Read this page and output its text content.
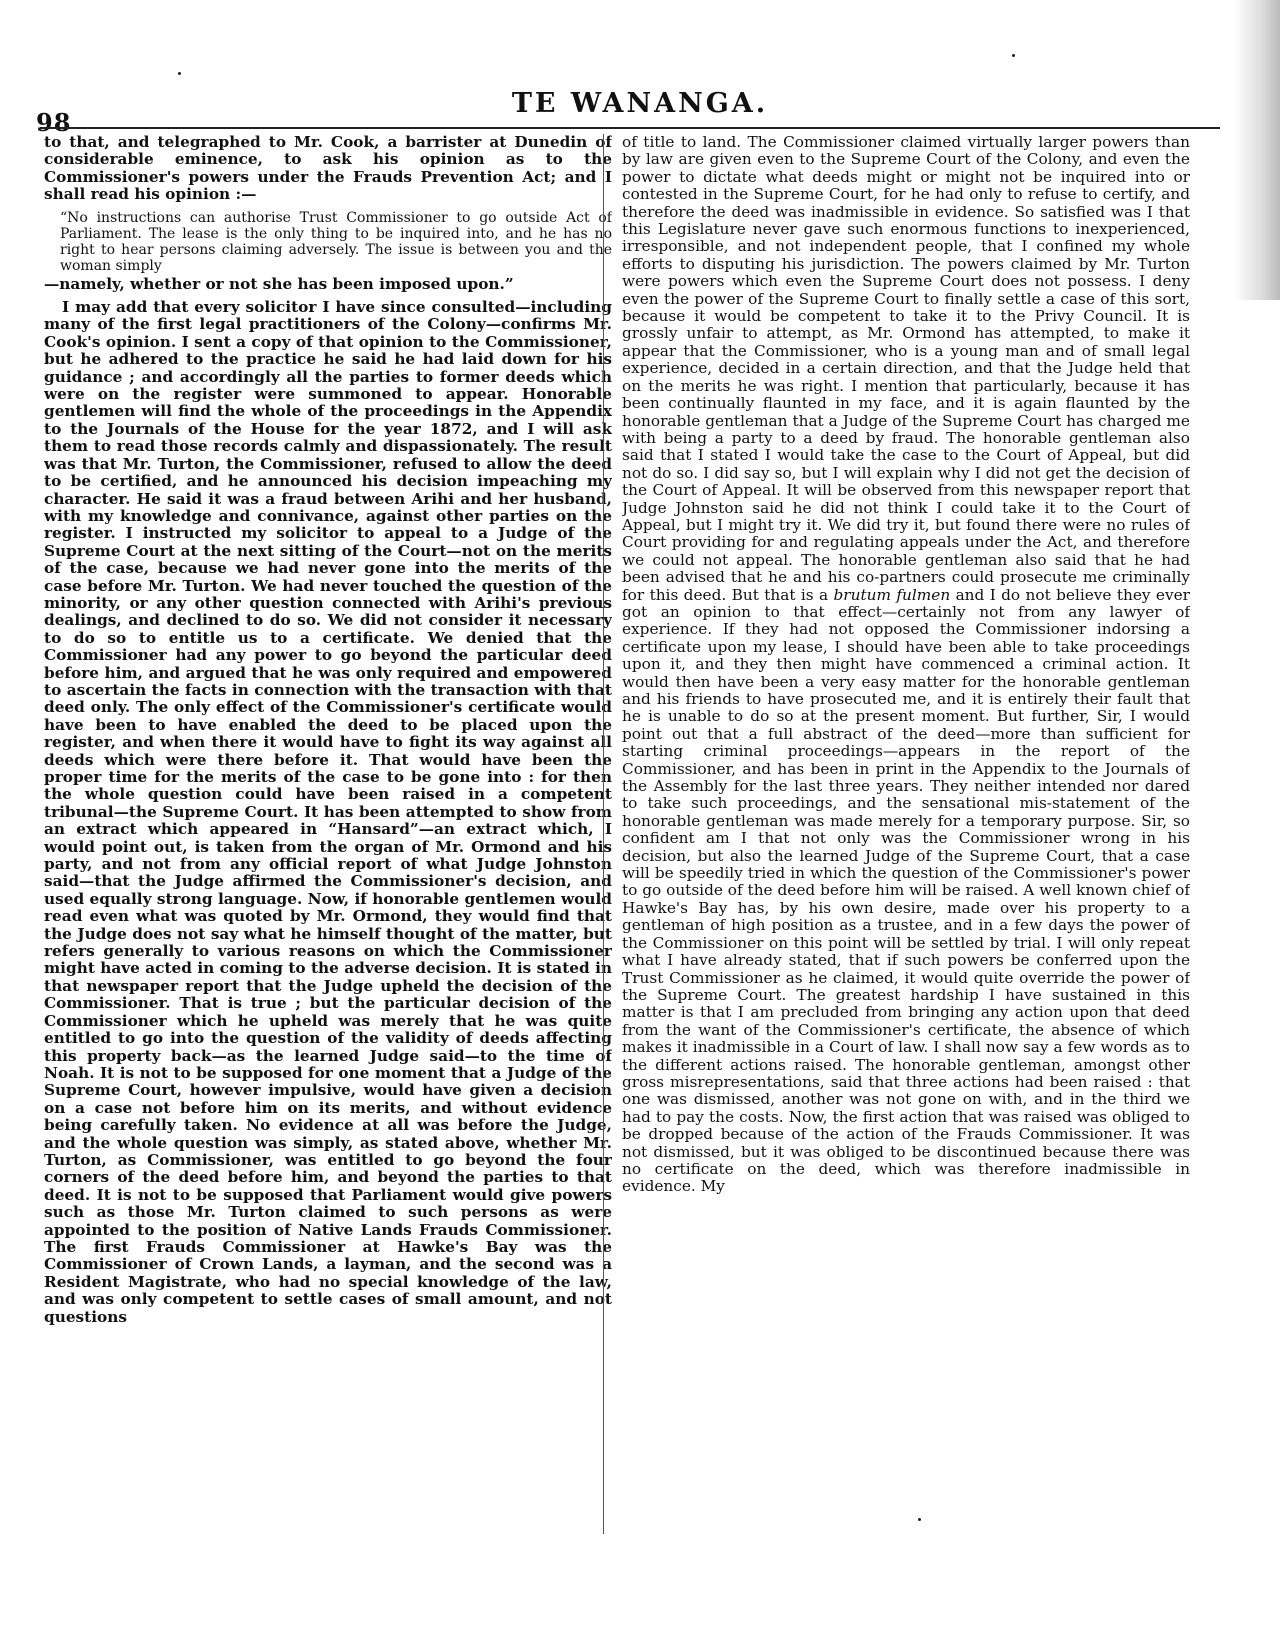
98
TE WANANGA.

to that, and telegraphed to Mr. Cook, a barrister at Dunedin of considerable eminence, to ask his opinion as to the Commissioner's powers under the Frauds Prevention Act; and I shall read his opinion :—

“No instructions can authorise Trust Commissioner to go outside Act of Parliament. The lease is the only thing to be inquired into, and he has no right to hear persons claiming adversely. The issue is between you and the woman simply

—namely, whether or not she has been imposed upon.”

I may add that every solicitor I have since consulted—including many of the first legal practitioners of the Colony—confirms Mr. Cook's opinion. I sent a copy of that opinion to the Commissioner, but he adhered to the practice he said he had laid down for his guidance ; and accordingly all the parties to former deeds which were on the register were summoned to appear. Honorable gentlemen will find the whole of the proceedings in the Appendix to the Journals of the House for the year 1872, and I will ask them to read those records calmly and dispassionately. The result was that Mr. Turton, the Commissioner, refused to allow the deed to be certified, and he announced his decision impeaching my character. He said it was a fraud between Arihi and her husband, with my knowledge and connivance, against other parties on the register. I instructed my solicitor to appeal to a Judge of the Supreme Court at the next sitting of the Court—not on the merits of the case, because we had never gone into the merits of the case before Mr. Turton. We had never touched the question of the minority, or any other question connected with Arihi's previous dealings, and declined to do so. We did not consider it necessary to do so to entitle us to a certificate. We denied that the Commissioner had any power to go beyond the particular deed before him, and argued that he was only required and empowered to ascertain the facts in connection with the transaction with that deed only. The only effect of the Commissioner's certificate would have been to have enabled the deed to be placed upon the register, and when there it would have to fight its way against all deeds which were there before it. That would have been the proper time for the merits of the case to be gone into : for then the whole question could have been raised in a competent tribunal—the Supreme Court. It has been attempted to show from an extract which appeared in “Hansard”—an extract which, I would point out, is taken from the organ of Mr. Ormond and his party, and not from any official report of what Judge Johnston said—that the Judge affirmed the Commissioner's decision, and used equally strong language. Now, if honorable gentlemen would read even what was quoted by Mr. Ormond, they would find that the Judge does not say what he himself thought of the matter, but refers generally to various reasons on which the Commissioner might have acted in coming to the adverse decision. It is stated in that newspaper report that the Judge upheld the decision of the Commissioner. That is true ; but the particular decision of the Commissioner which he upheld was merely that he was quite entitled to go into the question of the validity of deeds affecting this property back—as the learned Judge said—to the time of Noah. It is not to be supposed for one moment that a Judge of the Supreme Court, however impulsive, would have given a decision on a case not before him on its merits, and without evidence being carefully taken. No evidence at all was before the Judge, and the whole question was simply, as stated above, whether Mr. Turton, as Commissioner, was entitled to go beyond the four corners of the deed before him, and beyond the parties to that deed. It is not to be supposed that Parliament would give powers such as those Mr. Turton claimed to such persons as were appointed to the position of Native Lands Frauds Commissioner. The first Frauds Commissioner at Hawke's Bay was the Commissioner of Crown Lands, a layman, and the second was a Resident Magistrate, who had no special knowledge of the law, and was only competent to settle cases of small amount, and not questions

of title to land. The Commissioner claimed virtually larger powers than by law are given even to the Supreme Court of the Colony, and even the power to dictate what deeds might or might not be inquired into or contested in the Supreme Court, for he had only to refuse to certify, and therefore the deed was inadmissible in evidence. So satisfied was I that this Legislature never gave such enormous functions to inexperienced, irresponsible, and not independent people, that I confined my whole efforts to disputing his jurisdiction. The powers claimed by Mr. Turton were powers which even the Supreme Court does not possess. I deny even the power of the Supreme Court to finally settle a case of this sort, because it would be competent to take it to the Privy Council. It is grossly unfair to attempt, as Mr. Ormond has attempted, to make it appear that the Commissioner, who is a young man and of small legal experience, decided in a certain direction, and that the Judge held that on the merits he was right. I mention that particularly, because it has been continually flaunted in my face, and it is again flaunted by the honorable gentleman that a Judge of the Supreme Court has charged me with being a party to a deed by fraud. The honorable gentleman also said that I stated I would take the case to the Court of Appeal, but did not do so. I did say so, but I will explain why I did not get the decision of the Court of Appeal. It will be observed from this newspaper report that Judge Johnston said he did not think I could take it to the Court of Appeal, but I might try it. We did try it, but found there were no rules of Court providing for and regulating appeals under the Act, and therefore we could not appeal. The honorable gentleman also said that he had been advised that he and his co-partners could prosecute me criminally for this deed. But that is a brutum fulmen and I do not believe they ever got an opinion to that effect—certainly not from any lawyer of experience. If they had not opposed the Commissioner indorsing a certificate upon my lease, I should have been able to take proceedings upon it, and they then might have commenced a criminal action. It would then have been a very easy matter for the honorable gentleman and his friends to have prosecuted me, and it is entirely their fault that he is unable to do so at the present moment. But further, Sir, I would point out that a full abstract of the deed—more than sufficient for starting criminal proceedings—appears in the report of the Commissioner, and has been in print in the Appendix to the Journals of the Assembly for the last three years. They neither intended nor dared to take such proceedings, and the sensational mis-statement of the honorable gentleman was made merely for a temporary purpose. Sir, so confident am I that not only was the Commissioner wrong in his decision, but also the learned Judge of the Supreme Court, that a case will be speedily tried in which the question of the Commissioner's power to go outside of the deed before him will be raised. A well known chief of Hawke's Bay has, by his own desire, made over his property to a gentleman of high position as a trustee, and in a few days the power of the Commissioner on this point will be settled by trial. I will only repeat what I have already stated, that if such powers be conferred upon the Trust Commissioner as he claimed, it would quite override the power of the Supreme Court. The greatest hardship I have sustained in this matter is that I am precluded from bringing any action upon that deed from the want of the Commissioner's certificate, the absence of which makes it inadmissible in a Court of law. I shall now say a few words as to the different actions raised. The honorable gentleman, amongst other gross misrepresentations, said that three actions had been raised : that one was dismissed, another was not gone on with, and in the third we had to pay the costs. Now, the first action that was raised was obliged to be dropped because of the action of the Frauds Commissioner. It was not dismissed, but it was obliged to be discontinued because there was no certificate on the deed, which was therefore inadmissible in evidence. My
